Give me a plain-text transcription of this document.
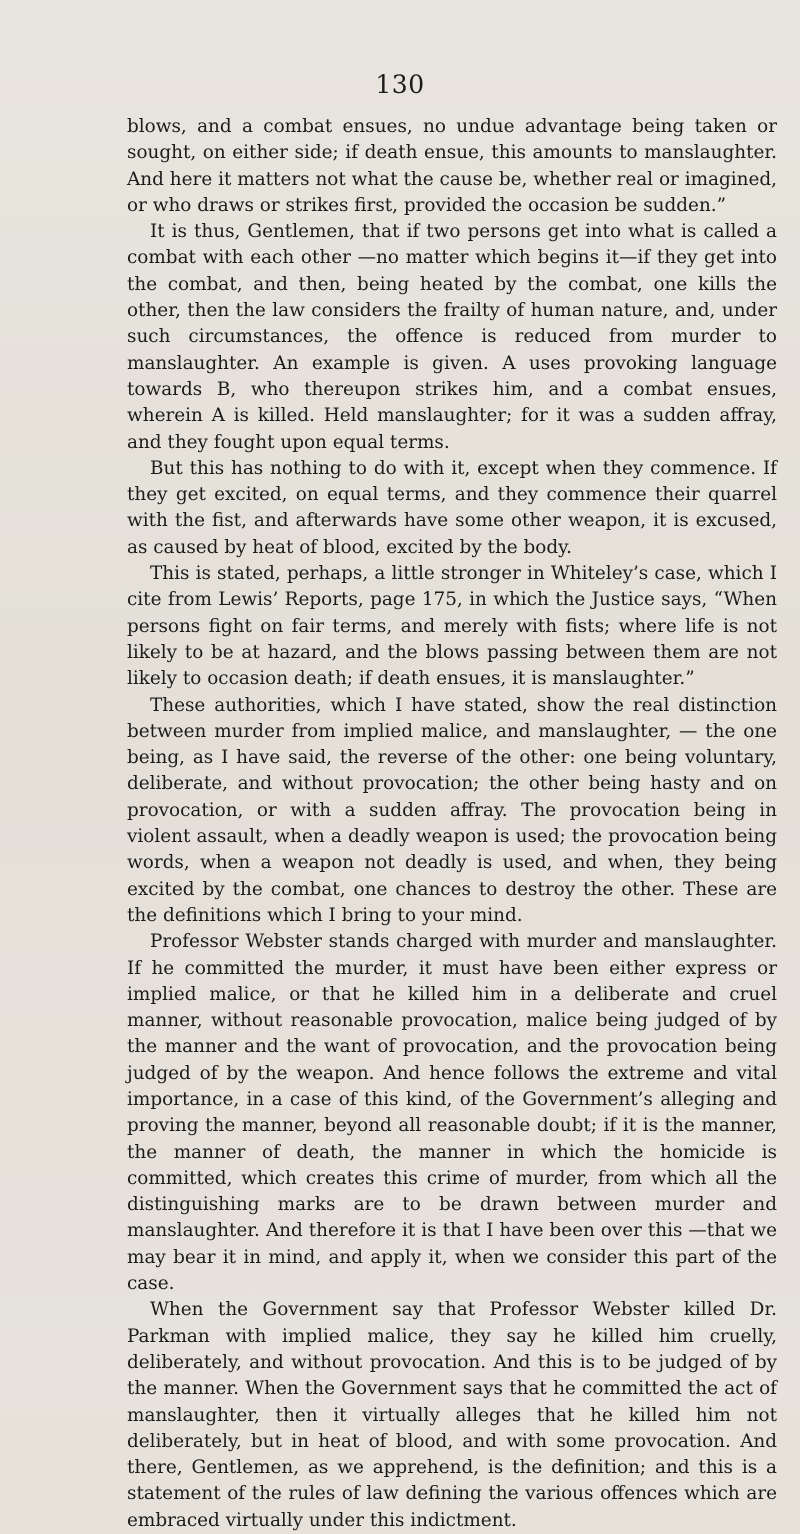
130

blows, and a combat ensues, no undue advantage being taken or sought, on either side; if death ensue, this amounts to manslaughter. And here it matters not what the cause be, whether real or imagined, or who draws or strikes first, provided the occasion be sudden.”

It is thus, Gentlemen, that if two persons get into what is called a combat with each other —no matter which begins it—if they get into the combat, and then, being heated by the combat, one kills the other, then the law considers the frailty of human nature, and, under such circumstances, the offence is reduced from murder to manslaughter. An example is given. A uses provoking language towards B, who thereupon strikes him, and a combat ensues, wherein A is killed. Held manslaughter; for it was a sudden affray, and they fought upon equal terms.

But this has nothing to do with it, except when they commence. If they get excited, on equal terms, and they commence their quarrel with the fist, and afterwards have some other weapon, it is excused, as caused by heat of blood, excited by the body.

This is stated, perhaps, a little stronger in Whiteley’s case, which I cite from Lewis’ Reports, page 175, in which the Justice says, “When persons fight on fair terms, and merely with fists; where life is not likely to be at hazard, and the blows passing between them are not likely to occasion death; if death ensues, it is manslaughter.”

These authorities, which I have stated, show the real distinction between murder from implied malice, and manslaughter, — the one being, as I have said, the reverse of the other: one being voluntary, deliberate, and without provocation; the other being hasty and on provocation, or with a sudden affray. The provocation being in violent assault, when a deadly weapon is used; the provocation being words, when a weapon not deadly is used, and when, they being excited by the combat, one chances to destroy the other. These are the definitions which I bring to your mind.

Professor Webster stands charged with murder and manslaughter. If he committed the murder, it must have been either express or implied malice, or that he killed him in a deliberate and cruel manner, without reasonable provocation, malice being judged of by the manner and the want of provocation, and the provocation being judged of by the weapon. And hence follows the extreme and vital importance, in a case of this kind, of the Government’s alleging and proving the manner, beyond all reasonable doubt; if it is the manner, the manner of death, the manner in which the homicide is committed, which creates this crime of murder, from which all the distinguishing marks are to be drawn between murder and manslaughter. And therefore it is that I have been over this —that we may bear it in mind, and apply it, when we consider this part of the case.

When the Government say that Professor Webster killed Dr. Parkman with implied malice, they say he killed him cruelly, deliberately, and without provocation. And this is to be judged of by the manner. When the Government says that he committed the act of manslaughter, then it virtually alleges that he killed him not deliberately, but in heat of blood, and with some provocation. And there, Gentlemen, as we apprehend, is the definition; and this is a statement of the rules of law defining the various offences which are embraced virtually under this indictment.
